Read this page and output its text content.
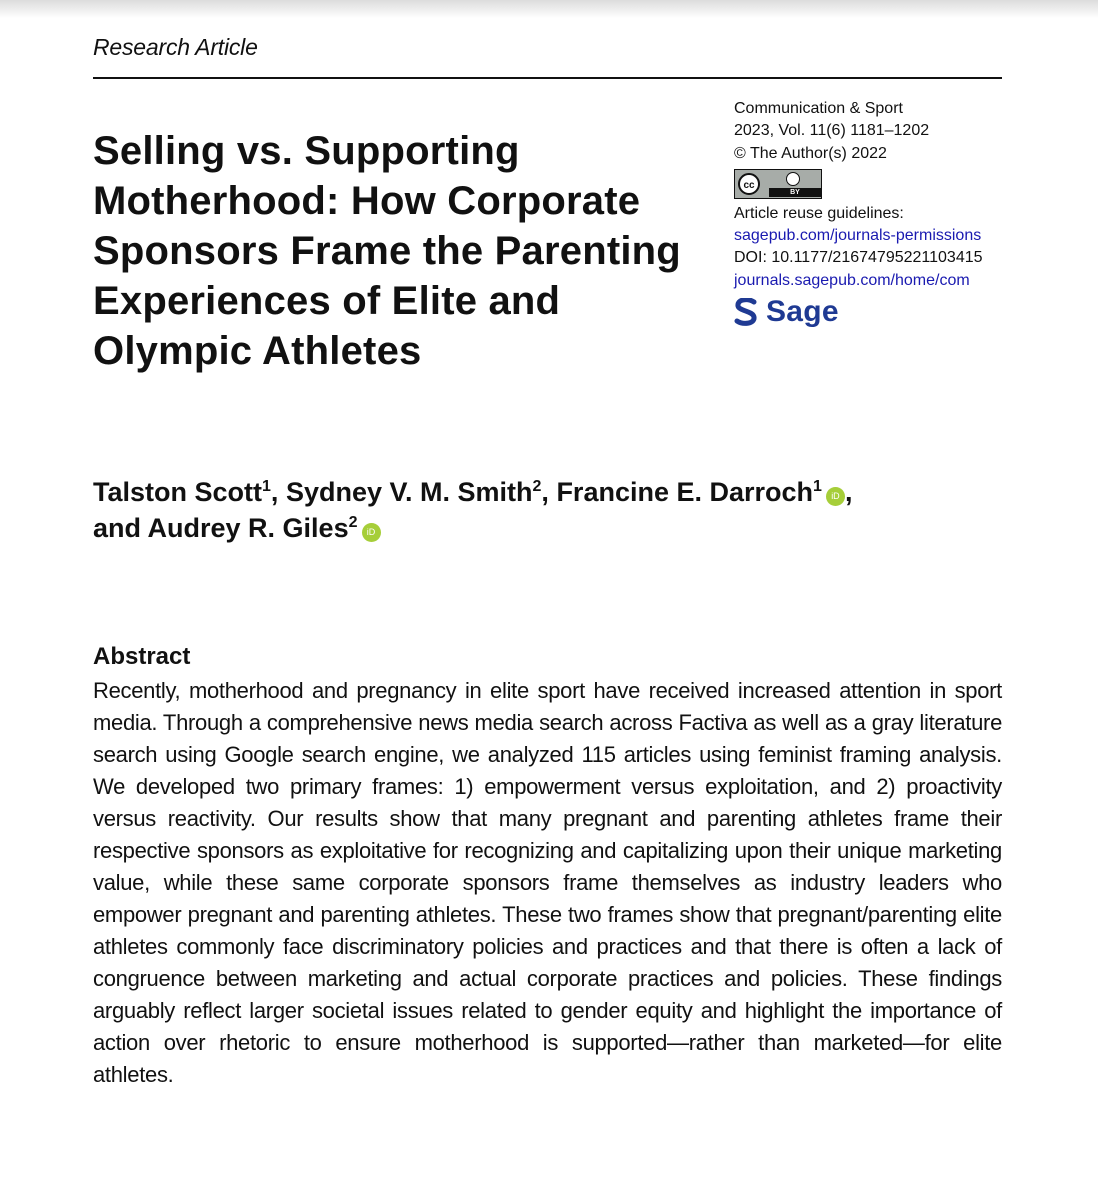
Research Article
Selling vs. Supporting Motherhood: How Corporate Sponsors Frame the Parenting Experiences of Elite and Olympic Athletes
Communication & Sport
2023, Vol. 11(6) 1181–1202
© The Author(s) 2022
cc
BY
Article reuse guidelines:
sagepub.com/journals-permissions
DOI: 10.1177/21674795221103415
journals.sagepub.com/home/com
Sage
Talston Scott$^1$, Sydney V. M. Smith$^2$, Francine E. Darroch$^1$iD ,
and Audrey R. Giles$^2$iD
Abstract

Recently, motherhood and pregnancy in elite sport have received increased attention in sport media. Through a comprehensive news media search across Factiva as well as a gray literature search using Google search engine, we analyzed 115 articles using feminist framing analysis. We developed two primary frames: 1) empowerment versus exploitation, and 2) proactivity versus reactivity. Our results show that many pregnant and parenting athletes frame their respective sponsors as exploitative for recognizing and capitalizing upon their unique marketing value, while these same corporate sponsors frame themselves as industry leaders who empower pregnant and parenting athletes. These two frames show that pregnant/parenting elite athletes commonly face discriminatory policies and practices and that there is often a lack of congruence between marketing and actual corporate practices and policies. These findings arguably reflect larger societal issues related to gender equity and highlight the importance of action over rhetoric to ensure motherhood is supported—rather than marketed—for elite athletes.
